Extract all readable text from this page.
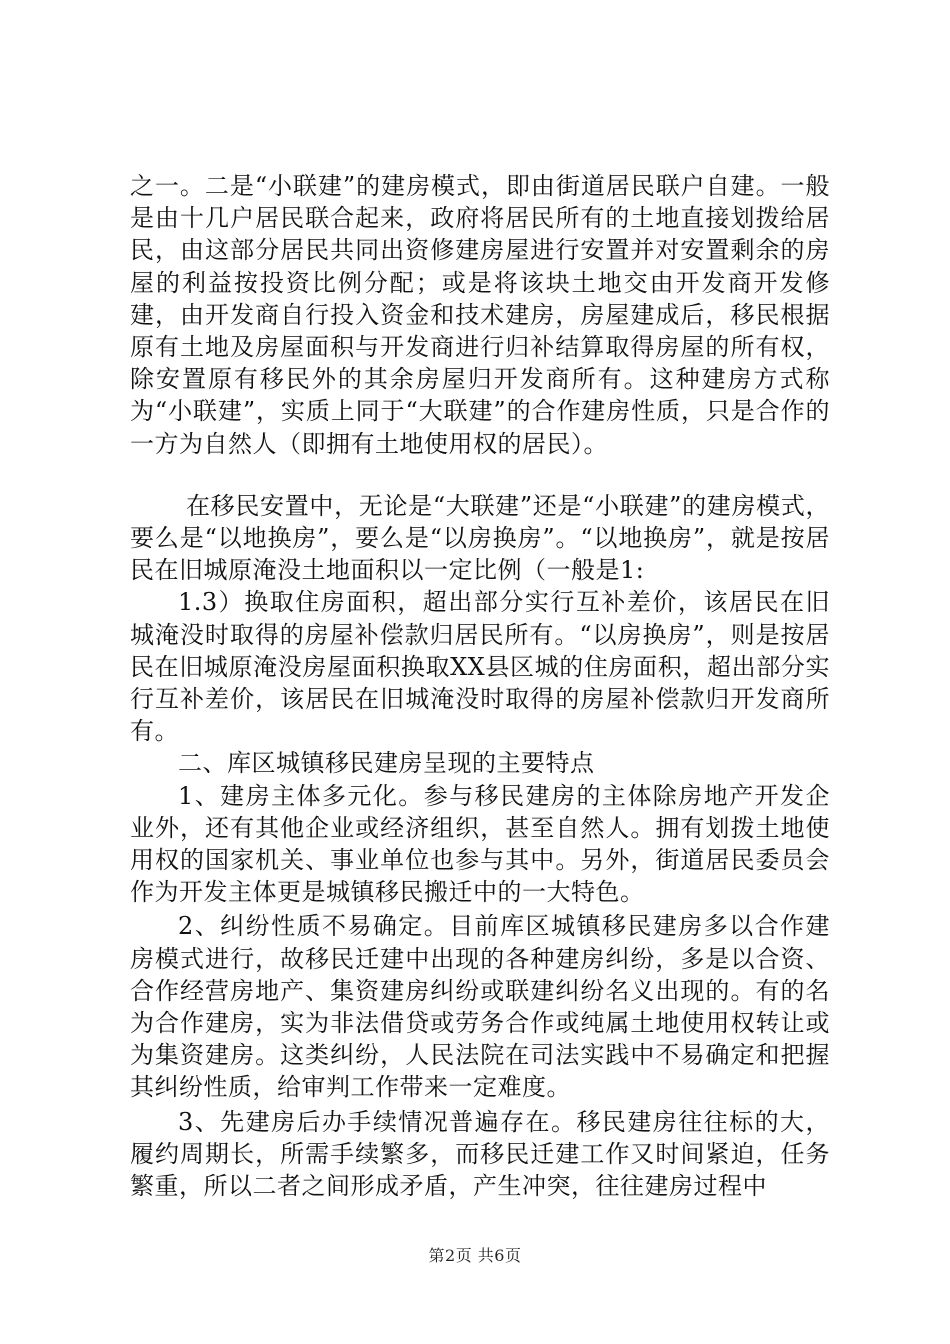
之一。二是“小联建”的建房模式，即由街道居民联户自建。一般是由十几户居民联合起来，政府将居民所有的土地直接划拨给居民，由这部分居民共同出资修建房屋进行安置并对安置剩余的房屋的利益按投资比例分配；或是将该块土地交由开发商开发修建，由开发商自行投入资金和技术建房，房屋建成后，移民根据原有土地及房屋面积与开发商进行归补结算取得房屋的所有权，除安置原有移民外的其余房屋归开发商所有。这种建房方式称为“小联建”，实质上同于“大联建”的合作建房性质，只是合作的一方为自然人（即拥有土地使用权的居民）。

在移民安置中，无论是“大联建”还是“小联建”的建房模式，要么是“以地换房”，要么是“以房换房”。“以地换房”，就是按居民在旧城原淹没土地面积以一定比例（一般是1:

1.3）换取住房面积，超出部分实行互补差价，该居民在旧城淹没时取得的房屋补偿款归居民所有。“以房换房”，则是按居民在旧城原淹没房屋面积换取XX县区城的住房面积，超出部分实行互补差价，该居民在旧城淹没时取得的房屋补偿款归开发商所有。

二、库区城镇移民建房呈现的主要特点

1、建房主体多元化。参与移民建房的主体除房地产开发企业外，还有其他企业或经济组织，甚至自然人。拥有划拨土地使用权的国家机关、事业单位也参与其中。另外，街道居民委员会作为开发主体更是城镇移民搬迁中的一大特色。

2、纠纷性质不易确定。目前库区城镇移民建房多以合作建房模式进行，故移民迁建中出现的各种建房纠纷，多是以合资、合作经营房地产、集资建房纠纷或联建纠纷名义出现的。有的名为合作建房，实为非法借贷或劳务合作或纯属土地使用权转让或为集资建房。这类纠纷，人民法院在司法实践中不易确定和把握其纠纷性质，给审判工作带来一定难度。

3、先建房后办手续情况普遍存在。移民建房往往标的大，履约周期长，所需手续繁多，而移民迁建工作又时间紧迫，任务繁重，所以二者之间形成矛盾，产生冲突，往往建房过程中

第2页 共6页
